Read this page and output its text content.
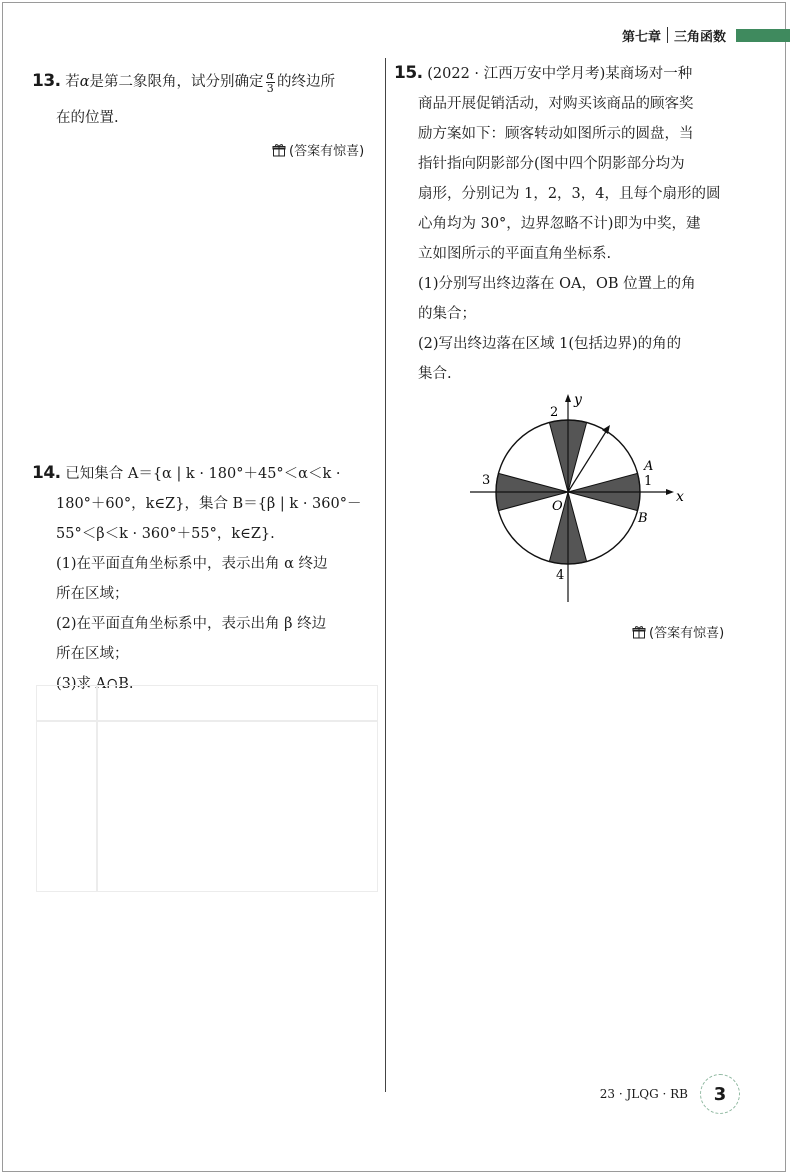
第七章 三角函数
13. 若α是第二象限角，试分别确定 $\frac{\alpha}{3}$ 的终边所
在的位置.
(答案有惊喜)
14. 已知集合 A＝{α | k · 180°＋45°＜α＜k ·
180°＋60°，k∈Z}，集合 B＝{β | k · 360°－
55°＜β＜k · 360°＋55°，k∈Z}.
(1)在平面直角坐标系中，表示出角 α 终边
所在区域；
(2)在平面直角坐标系中，表示出角 β 终边
所在区域；
(3)求 A∩B.
15. (2022 · 江西万安中学月考)某商场对一种
商品开展促销活动，对购买该商品的顾客奖
励方案如下：顾客转动如图所示的圆盘，当
指针指向阴影部分(图中四个阴影部分均为
扇形，分别记为 1，2，3，4，且每个扇形的圆
心角均为 30°，边界忽略不计)即为中奖，建
立如图所示的平面直角坐标系.
(1)分别写出终边落在 OA，OB 位置上的角
的集合；
(2)写出终边落在区域 1(包括边界)的角的
集合.
x
y
O
A
B
1
2
3
4
(答案有惊喜)
23 · JLQG · RB	3
